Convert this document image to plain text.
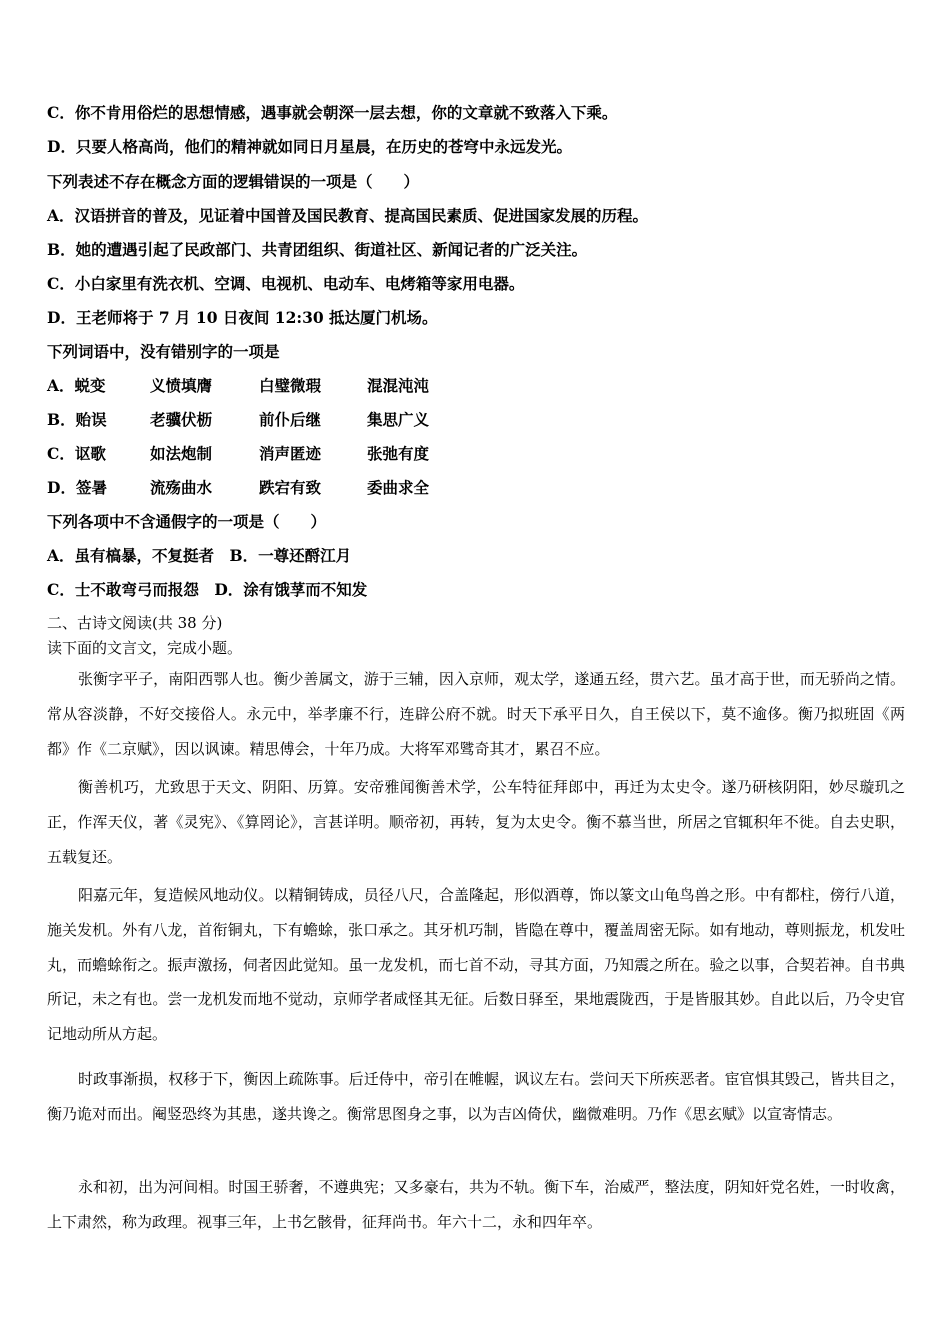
C．你不肯用俗烂的思想情感，遇事就会朝深一层去想，你的文章就不致落入下乘。
D．只要人格高尚，他们的精神就如同日月星晨，在历史的苍穹中永远发光。
下列表述不存在概念方面的逻辑错误的一项是（　　）
A．汉语拼音的普及，见证着中国普及国民教育、提高国民素质、促进国家发展的历程。
B．她的遭遇引起了民政部门、共青团组织、街道社区、新闻记者的广泛关注。
C．小白家里有洗衣机、空调、电视机、电动车、电烤箱等家用电器。
D．王老师将于 7 月 10 日夜间 12:30 抵达厦门机场。
下列词语中，没有错别字的一项是
A．蜕变	义愤填膺	白璧微瑕	混混沌沌
B．贻误	老骥伏枥	前仆后继	集思广义
C．讴歌	如法炮制	消声匿迹	张弛有度
D．签暑	流殇曲水	跌宕有致	委曲求全
下列各项中不含通假字的一项是（　　）
A．虽有槁暴，不复挺者　B．一尊还酹江月
C．士不敢弯弓而报怨　D．涂有饿莩而不知发
二、古诗文阅读(共 38 分)
读下面的文言文，完成小题。

张衡字平子，南阳西鄂人也。衡少善属文，游于三辅，因入京师，观太学，遂通五经，贯六艺。虽才高于世，而无骄尚之情。常从容淡静，不好交接俗人。永元中，举孝廉不行，连辟公府不就。时天下承平日久，自王侯以下，莫不逾侈。衡乃拟班固《两都》作《二京赋》，因以讽谏。精思傅会，十年乃成。大将军邓骘奇其才，累召不应。

衡善机巧，尤致思于天文、阴阳、历算。安帝雅闻衡善术学，公车特征拜郎中，再迁为太史令。遂乃研核阴阳，妙尽璇玑之正，作浑天仪，著《灵宪》、《算罔论》，言甚详明。顺帝初，再转，复为太史令。衡不慕当世，所居之官辄积年不徙。自去史职，五载复还。

阳嘉元年，复造候风地动仪。以精铜铸成，员径八尺，合盖隆起，形似酒尊，饰以篆文山龟鸟兽之形。中有都柱，傍行八道，施关发机。外有八龙，首衔铜丸，下有蟾蜍，张口承之。其牙机巧制，皆隐在尊中，覆盖周密无际。如有地动，尊则振龙，机发吐丸，而蟾蜍衔之。振声激扬，伺者因此觉知。虽一龙发机，而七首不动，寻其方面，乃知震之所在。验之以事，合契若神。自书典所记，未之有也。尝一龙机发而地不觉动，京师学者咸怪其无征。后数日驿至，果地震陇西，于是皆服其妙。自此以后，乃令史官记地动所从方起。

时政事渐损，权移于下，衡因上疏陈事。后迁侍中，帝引在帷幄，讽议左右。尝问天下所疾恶者。宦官惧其毁己，皆共目之，衡乃诡对而出。阉竖恐终为其患，遂共谗之。衡常思图身之事，以为吉凶倚伏，幽微难明。乃作《思玄赋》以宣寄情志。

永和初，出为河间相。时国王骄奢，不遵典宪；又多豪右，共为不轨。衡下车，治威严，整法度，阴知奸党名姓，一时收禽，上下肃然，称为政理。视事三年，上书乞骸骨，征拜尚书。年六十二，永和四年卒。
